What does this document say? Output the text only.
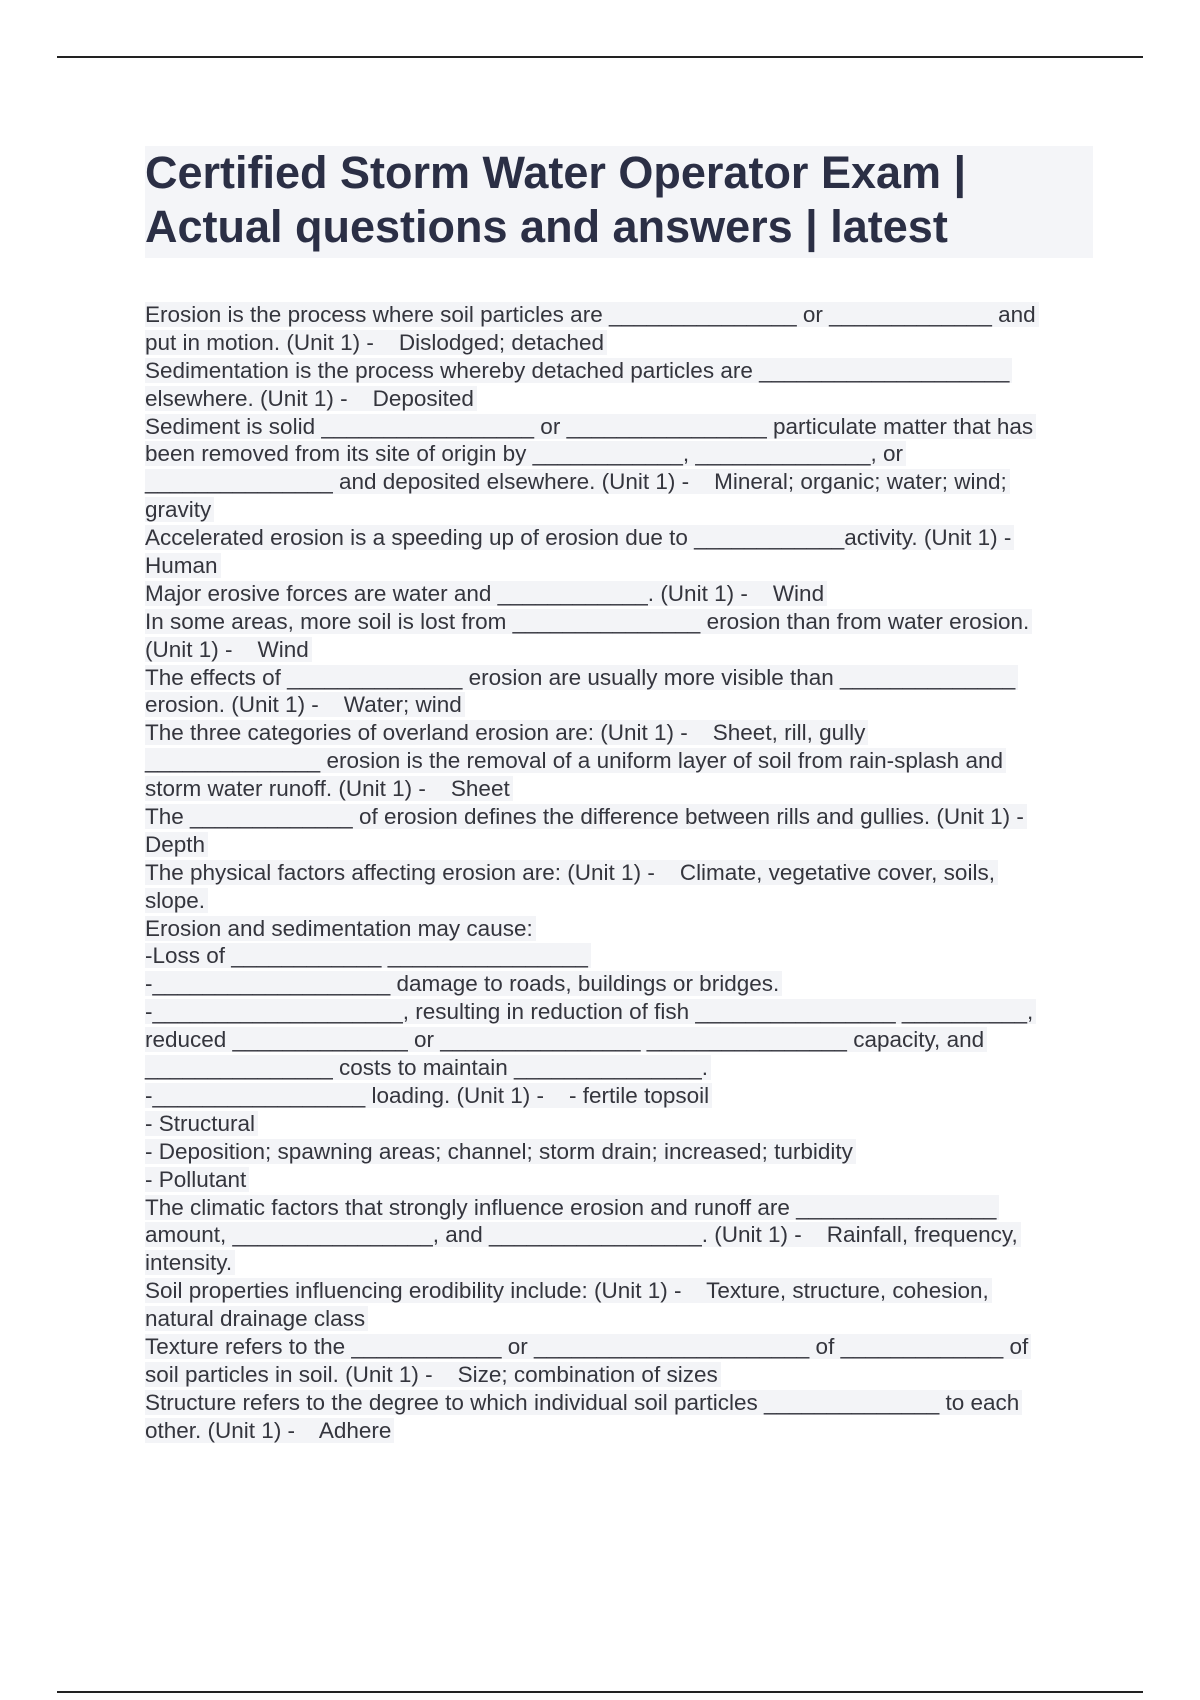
Certified Storm Water Operator Exam |
Actual questions and answers | latest
Erosion is the process where soil particles are _______________ or _____________ and
put in motion. (Unit 1) -    Dislodged; detached
Sedimentation is the process whereby detached particles are ____________________
elsewhere. (Unit 1) -    Deposited
Sediment is solid _________________ or ________________ particulate matter that has
been removed from its site of origin by ____________, ______________, or
_______________ and deposited elsewhere. (Unit 1) -    Mineral; organic; water; wind;
gravity
Accelerated erosion is a speeding up of erosion due to ____________activity. (Unit 1) -
Human
Major erosive forces are water and ____________. (Unit 1) -    Wind
In some areas, more soil is lost from _______________ erosion than from water erosion.
(Unit 1) -    Wind
The effects of ______________ erosion are usually more visible than ______________
erosion. (Unit 1) -    Water; wind
The three categories of overland erosion are: (Unit 1) -    Sheet, rill, gully
______________ erosion is the removal of a uniform layer of soil from rain-splash and
storm water runoff. (Unit 1) -    Sheet
The _____________ of erosion defines the difference between rills and gullies. (Unit 1) -
Depth
The physical factors affecting erosion are: (Unit 1) -    Climate, vegetative cover, soils,
slope.
Erosion and sedimentation may cause:
-Loss of ____________ ________________
-___________________ damage to roads, buildings or bridges.
-____________________, resulting in reduction of fish ________________ __________,
reduced ______________ or ________________ ________________ capacity, and
_______________ costs to maintain _______________.
-_________________ loading. (Unit 1) -    - fertile topsoil
- Structural
- Deposition; spawning areas; channel; storm drain; increased; turbidity
- Pollutant
The climatic factors that strongly influence erosion and runoff are ________________
amount, ________________, and _________________. (Unit 1) -    Rainfall, frequency,
intensity.
Soil properties influencing erodibility include: (Unit 1) -    Texture, structure, cohesion,
natural drainage class
Texture refers to the ____________ or ______________________ of _____________ of
soil particles in soil. (Unit 1) -    Size; combination of sizes
Structure refers to the degree to which individual soil particles ______________ to each
other. (Unit 1) -    Adhere
